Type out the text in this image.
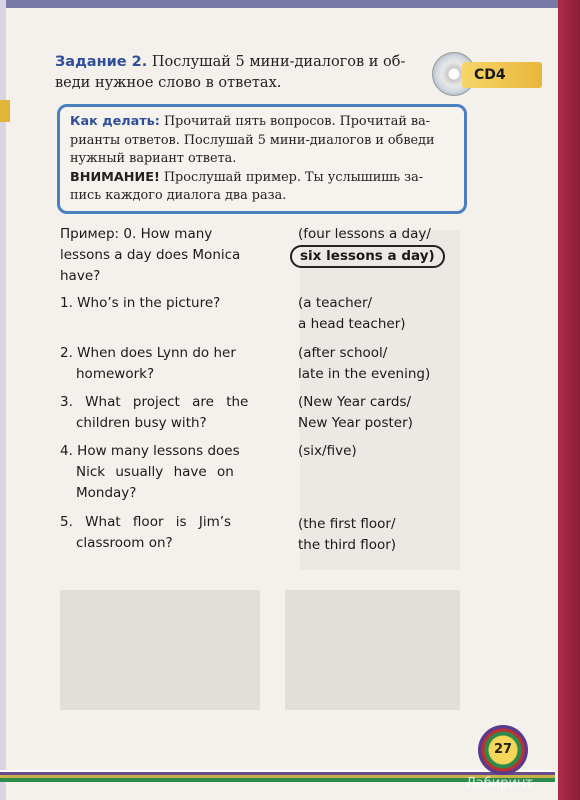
Задание 2. Послушай 5 мини-диалогов и об-
веди нужное слово в ответах.	CD4
Как делать: Прочитай пять вопросов. Прочитай ва-
рианты ответов. Послушай 5 мини-диалогов и обведи
нужный вариант ответа.
ВНИМАНИЕ! Прослушай пример. Ты услышишь за-
пись каждого диалога два раза.
Пример: 0. How many
lessons a day does Monica
have?
(four lessons a day/
six lessons a day)
1. Who’s in the picture?	(a teacher/
a head teacher)
2. When does Lynn do her
homework?
(after school/
late in the evening)
3. What project are the
children busy with?
(New Year cards/
New Year poster)
4. How many lessons does
Nick usually have on
Monday?
(six/five)
5. What floor is Jim’s
classroom on?
(the first floor/
the third floor)
27
Лабиринт
